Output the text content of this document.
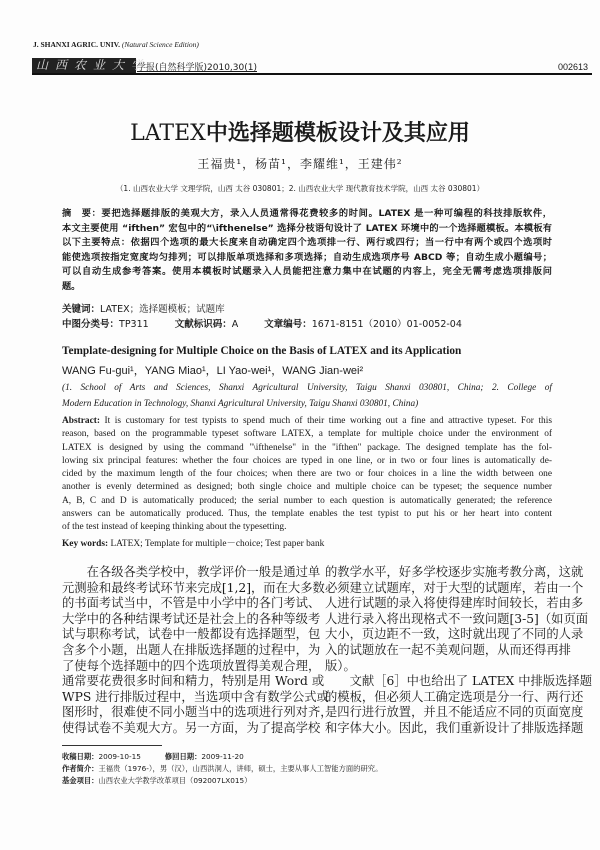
J. SHANXI AGRIC. UNIV. (Natural Science Edition)
山西农业大学
学报(自然科学版)2010,30(1)	002613
LATEX中选择题模板设计及其应用
王福贵¹，杨苗¹，李耀维¹，王建伟²
（1. 山西农业大学 文理学院，山西 太谷 030801；2. 山西农业大学 现代教育技术学院，山西 太谷 030801）
摘　要：要把选择题排版的美观大方，录入人员通常得花费较多的时间。LATEX 是一种可编程的科技排版软件，
本文主要使用 “ifthen” 宏包中的“\ifthenelse” 选择分枝语句设计了 LATEX 环境中的一个选择题模板。本模板有
以下主要特点：依据四个选项的最大长度来自动确定四个选项排一行、两行或四行；当一行中有两个或四个选项时
能使选项按指定宽度均匀排列；可以排版单项选择和多项选择；自动生成选项序号 ABCD 等；自动生成小题编号；
可以自动生成参考答案。使用本模板时试题录入人员能把注意力集中在试题的内容上，完全无需考虑选项排版问
题。
关键词：LATEX；选择题模板；试题库
中图分类号：TP311	文献标识码：A	文章编号：1671-8151（2010）01-0052-04
Template-designing for Multiple Choice on the Basis of LATEX and its Application
WANG Fu-gui¹，YANG Miao¹，LI Yao-wei¹，WANG Jian-wei²
(1. School of Arts and Sciences, Shanxi Agricultural University, Taigu Shanxi 030801, China; 2. College of
Modern Education in Technology, Shanxi Agricultural University, Taigu Shanxi 030801, China)
Abstract: It is customary for test typists to spend much of their time working out a fine and attractive typeset. For this
reason, based on the programmable typeset software LATEX, a template for multiple choice under the environment of
LATEX is designed by using the command "\ifthenelse" in the "ifthen" package. The designed template has the fol-
lowing six principal features: whether the four choices are typed in one line, or in two or four lines is automatically de-
cided by the maximum length of the four choices; when there are two or four choices in a line the width between one
another is evenly determined as designed; both single choice and multiple choice can be typeset; the sequence number
A, B, C and D is automatically produced; the serial number to each question is automatically generated; the reference
answers can be automatically produced. Thus, the template enables the test typist to put his or her heart into content
of the test instead of keeping thinking about the typesetting.
Key words: LATEX; Template for multiple－choice; Test paper bank
　　在各级各类学校中，教学评价一般是通过单
元测验和最终考试环节来完成[1,2]，而在大多数
的书面考试当中，不管是中小学中的各门考试、
大学中的各种结课考试还是社会上的各种等级考
试与职称考试，试卷中一般都设有选择题型，包
含多个小题，出题人在排版选择题的过程中，为
了使每个选择题中的四个选项放置得美观合理，
通常要花费很多时间和精力，特别是用 Word 或
WPS 进行排版过程中，当选项中含有数学公式或
图形时，很难使不同小题当中的选项进行列对齐，
使得试卷不美观大方。另一方面，为了提高学校
的教学水平，好多学校逐步实施考教分离，这就
必须建立试题库，对于大型的试题库，若由一个
人进行试题的录入将使得建库时间较长，若由多
人进行录入将出现格式不一致问题[3-5]（如页面
大小，页边距不一致，这时就出现了不同的人录
入的试题放在一起不美观问题，从而还得再排
版）。
　　文献［6］中也给出了 LATEX 中排版选择题
的模板，但必须人工确定选项是分一行、两行还
是四行进行放置，并且不能适应不同的页面宽度
和字体大小。因此，我们重新设计了排版选择题
收稿日期：2009-10-15	修回日期：2009-11-20
作者简介：王福贵（1976-），男（汉），山西洪洞人，讲师，硕士，主要从事人工智能方面的研究。
基金项目：山西农业大学教学改革项目（092007LX015）
